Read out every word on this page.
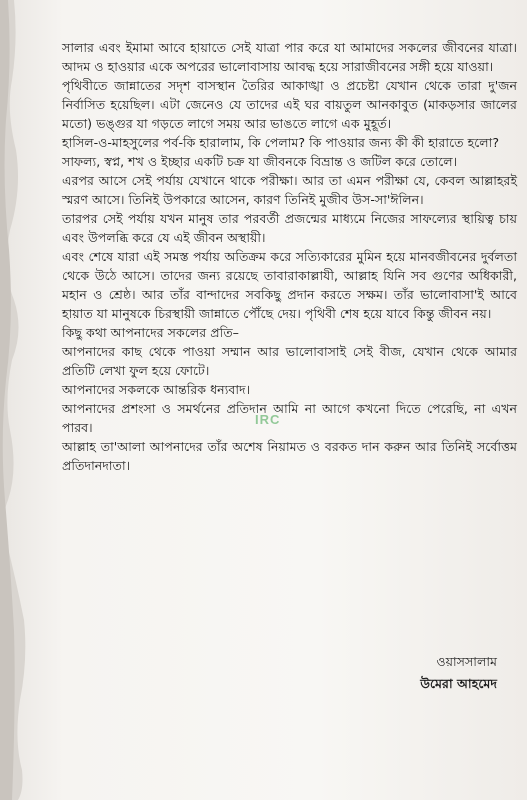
সালার এবং ইমামা আবে হায়াতে সেই যাত্রা পার করে যা আমাদের সকলের জীবনের যাত্রা। আদম ও হাওয়ার একে অপরের ভালোবাসায় আবদ্ধ হয়ে সারাজীবনের সঙ্গী হয়ে যাওয়া।

পৃথিবীতে জান্নাতের সদৃশ বাসস্থান তৈরির আকাঙ্খা ও প্রচেষ্টা যেখান থেকে তারা দু'জন নির্বাসিত হয়েছিল। এটা জেনেও যে তাদের এই ঘর বায়তুল আনকাবুত (মাকড়সার জালের মতো) ভঙ্গুর যা গড়তে লাগে সময় আর ভাঙতে লাগে এক মুহূর্ত।

হাসিল-ও-মাহসুলের পর্ব-কি হারালাম, কি পেলাম? কি পাওয়ার জন্য কী কী হারাতে হলো?

সাফল্য, স্বপ্ন, শখ ও ইচ্ছার একটি চক্র যা জীবনকে বিভ্রান্ত ও জটিল করে তোলে।

এরপর আসে সেই পর্যায় যেখানে থাকে পরীক্ষা। আর তা এমন পরীক্ষা যে, কেবল আল্লাহরই স্মরণ আসে। তিনিই উপকারে আসেন, কারণ তিনিই মুজীব উস-সা'ঈলিন।

তারপর সেই পর্যায় যখন মানুষ তার পরবর্তী প্রজন্মের মাধ্যমে নিজের সাফল্যের স্থায়িত্ব চায় এবং উপলব্ধি করে যে এই জীবন অস্থায়ী।

এবং শেষে যারা এই সমস্ত পর্যায় অতিক্রম করে সত্যিকারের মুমিন হয়ে মানবজীবনের দুর্বলতা থেকে উঠে আসে। তাদের জন্য রয়েছে তাবারাকাল্লাযী, আল্লাহ যিনি সব গুণের অধিকারী, মহান ও শ্রেষ্ঠ। আর তাঁর বান্দাদের সবকিছু প্রদান করতে সক্ষম। তাঁর ভালোবাসা'ই আবে হায়াত যা মানুষকে চিরস্থায়ী জান্নাতে পৌঁছে দেয়। পৃথিবী শেষ হয়ে যাবে কিন্তু জীবন নয়।

কিছু কথা আপনাদের সকলের প্রতি–

আপনাদের কাছ থেকে পাওয়া সম্মান আর ভালোবাসাই সেই বীজ, যেখান থেকে আমার প্রতিটি লেখা ফুল হয়ে ফোটে।

আপনাদের সকলকে আন্তরিক ধন্যবাদ।

আপনাদের প্রশংসা ও সমর্থনের প্রতিদান আমি না আগে কখনো দিতে পেরেছি, না এখন পারব।

আল্লাহ তা'আলা আপনাদের তাঁর অশেষ নিয়ামত ও বরকত দান করুন আর তিনিই সর্বোত্তম প্রতিদানদাতা।

IRC
ওয়াসসালাম
উমেরা আহমেদ
